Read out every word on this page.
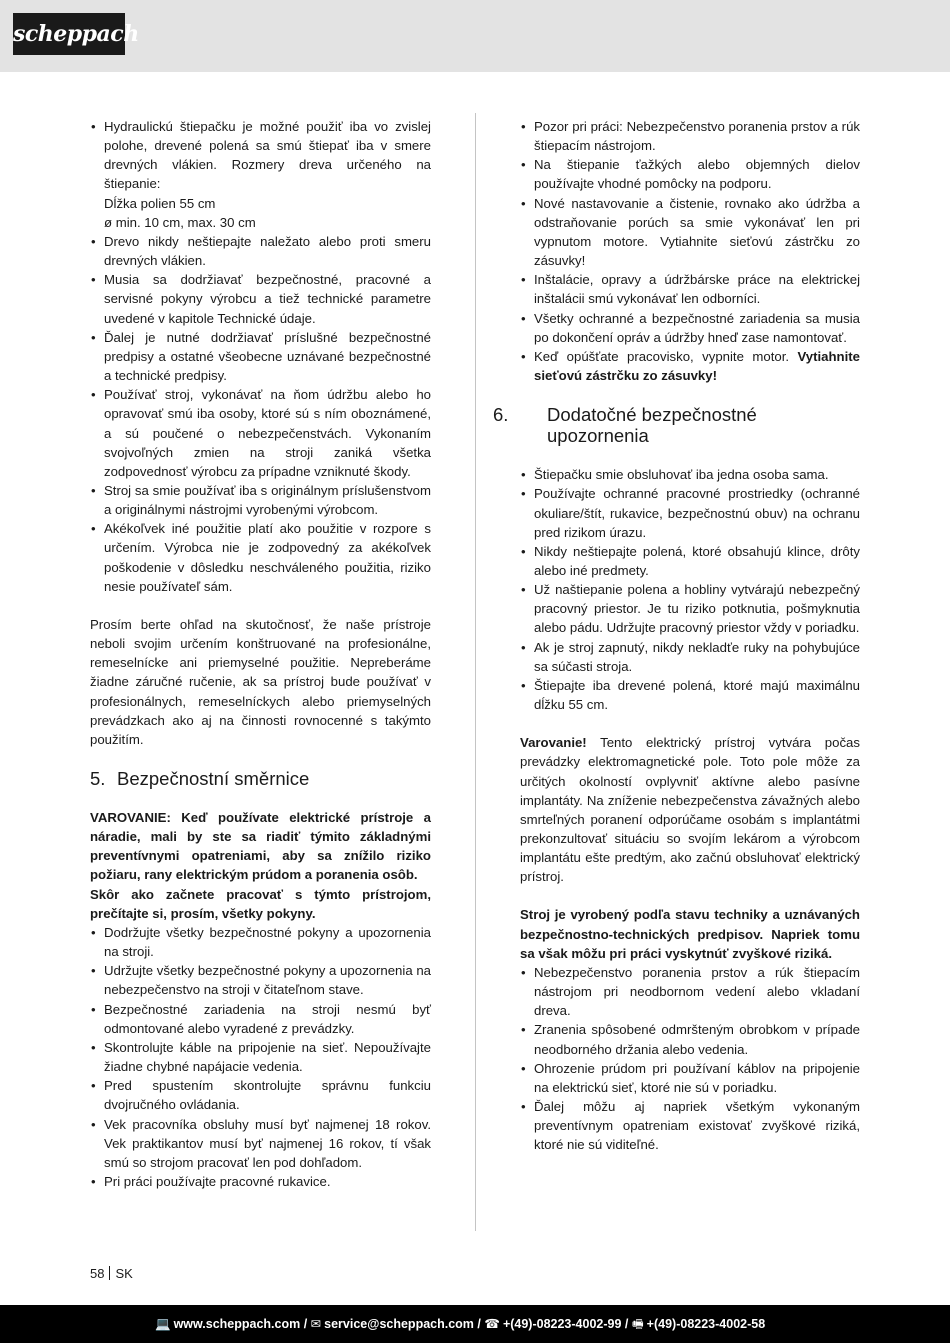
scheppach
• Hydraulickú štiepačku je možné použiť iba vo zvislej polohe, drevené polená sa smú štiepať iba v smere drevných vlákien. Rozmery dreva určeného na štiepanie:
Dĺžka polien 55 cm
ø min. 10 cm, max. 30 cm
• Drevo nikdy neštiepajte naležato alebo proti smeru drevných vlákien.
• Musia sa dodržiavať bezpečnostné, pracovné a servisné pokyny výrobcu a tiež technické parametre uvedené v kapitole Technické údaje.
• Ďalej je nutné dodržiavať príslušné bezpečnostné predpisy a ostatné všeobecne uznávané bezpečnostné a technické predpisy.
• Používať stroj, vykonávať na ňom údržbu alebo ho opravovať smú iba osoby, ktoré sú s ním oboznámené, a sú poučené o nebezpečenstvách. Vykonaním svojvoľných zmien na stroji zaniká všetka zodpovednosť výrobcu za prípadne vzniknuté škody.
• Stroj sa smie používať iba s originálnym príslušenstvom a originálnymi nástrojmi vyrobenými výrobcom.
• Akékoľvek iné použitie platí ako použitie v rozpore s určením. Výrobca nie je zodpovedný za akékoľvek poškodenie v dôsledku neschváleného použitia, riziko nesie používateľ sám.

Prosím berte ohľad na skutočnosť, že naše prístroje neboli svojim určením konštruované na profesionálne, remeselnícke ani priemyselné použitie. Nepreberáme žiadne záručné ručenie, ak sa prístroj bude používať v profesionálnych, remeselníckych alebo priemyselných prevádzkach ako aj na činnosti rovnocenné s takýmto použitím.

5. Bezpečnostní směrnice

VAROVANIE: Keď používate elektrické prístroje a náradie, mali by ste sa riadiť týmito základnými preventívnymi opatreniami, aby sa znížilo riziko požiaru, rany elektrickým prúdom a poranenia osôb.

Skôr ako začnete pracovať s týmto prístrojom, prečítajte si, prosím, všetky pokyny.

• Dodržujte všetky bezpečnostné pokyny a upozornenia na stroji.
• Udržujte všetky bezpečnostné pokyny a upozornenia na nebezpečenstvo na stroji v čitateľnom stave.
• Bezpečnostné zariadenia na stroji nesmú byť odmontované alebo vyradené z prevádzky.
• Skontrolujte káble na pripojenie na sieť. Nepoužívajte žiadne chybné napájacie vedenia.
• Pred spustením skontrolujte správnu funkciu dvojručného ovládania.
• Vek pracovníka obsluhy musí byť najmenej 18 rokov. Vek praktikantov musí byť najmenej 16 rokov, tí však smú so strojom pracovať len pod dohľadom.
• Pri práci používajte pracovné rukavice.
• Pozor pri práci: Nebezpečenstvo poranenia prstov a rúk štiepacím nástrojom.
• Na štiepanie ťažkých alebo objemných dielov používajte vhodné pomôcky na podporu.
• Nové nastavovanie a čistenie, rovnako ako údržba a odstraňovanie porúch sa smie vykonávať len pri vypnutom motore. Vytiahnite sieťovú zástrčku zo zásuvky!
• Inštalácie, opravy a údržbárske práce na elektrickej inštalácii smú vykonávať len odborníci.
• Všetky ochranné a bezpečnostné zariadenia sa musia po dokončení opráv a údržby hneď zase namontovať.
• Keď opúšťate pracovisko, vypnite motor. Vytiahnite sieťovú zástrčku zo zásuvky!
6. Dodatočné bezpečnostné upozornenia
• Štiepačku smie obsluhovať iba jedna osoba sama.
• Používajte ochranné pracovné prostriedky (ochranné okuliare/štít, rukavice, bezpečnostnú obuv) na ochranu pred rizikom úrazu.
• Nikdy neštiepajte polená, ktoré obsahujú klince, drôty alebo iné predmety.
• Už naštiepanie polena a hobliny vytvárajú nebezpečný pracovný priestor. Je tu riziko potknutia, pošmyknutia alebo pádu. Udržujte pracovný priestor vždy v poriadku.
• Ak je stroj zapnutý, nikdy nekladťe ruky na pohybujúce sa súčasti stroja.
• Štiepajte iba drevené polená, ktoré majú maximálnu dĺžku 55 cm.

Varovanie! Tento elektrický prístroj vytvára počas prevádzky elektromagnetické pole. Toto pole môže za určitých okolností ovplyvniť aktívne alebo pasívne implantáty. Na zníženie nebezpečenstva závažných alebo smrteľných poranení odporúčame osobám s implantátmi prekonzultovať situáciu so svojím lekárom a výrobcom implantátu ešte predtým, ako začnú obsluhovať elektrický prístroj.

Stroj je vyrobený podľa stavu techniky a uznávaných bezpečnostno-technických predpisov. Napriek tomu sa však môžu pri práci vyskytnúť zvyškové riziká.

• Nebezpečenstvo poranenia prstov a rúk štiepacím nástrojom pri neodbornom vedení alebo vkladaní dreva.
• Zranenia spôsobené odmršteným obrobkom v prípade neodborného držania alebo vedenia.
• Ohrozenie prúdom pri používaní káblov na pripojenie na elektrickú sieť, ktoré nie sú v poriadku.
• Ďalej môžu aj napriek všetkým vykonaným preventívnym opatreniam existovať zvyškové riziká, ktoré nie sú viditeľné.
58 SK
💻 www.scheppach.com / ✉ service@scheppach.com / ☎ +(49)-08223-4002-99 / 🖷 +(49)-08223-4002-58
